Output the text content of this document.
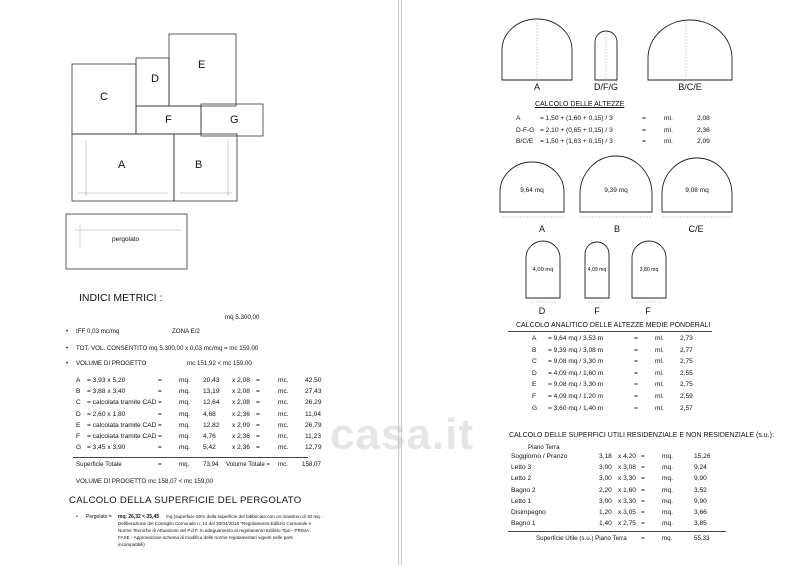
C
D
E
F	G
A	B
pergolato
INDICI METRICI :
mq 5.300,00
• IFF 0,03 mc/mq	ZONA E/2
• TOT. VOL. CONSENTITO mq 5.300,00 x 0,03 mc/mq = mc 159,00
• VOLUME DI PROGETTO	mc 151,92 < mc 159,00
A = 3,93 x 5,20	=	mq. 20,43 x 2,08 =	mc. 42,50
B = 3,88 x 3,40	=	mq. 13,19 x 2,08 =	mc. 27,43
C = calcolata tramite CAD =	mq. 12,64 x 2,08 =	mc. 26,29
D = 2,60 x 1,80	=	mq. 4,68 x 2,36 =	mc. 11,04
E = calcolata tramite CAD =	mq. 12,82 x 2,09 =	mc. 26,79
F = calcolata tramite CAD =	mq. 4,76 x 2,36 =	mc. 11,23
G = 3,45 x 3,90	=	mq. 5,42 x 2,36 =	mc. 12,79
Superficie Totale	=	mq. 73,94 Volume Totale = mc. 158,07
VOLUME DI PROGETTO mc 158,07 < mc 159,00
CALCOLO DELLA SUPERFICIE DEL PERGOLATO
• Pergolato = mq. 26,32 < 35,45 mq (superficie 50% della superficie del fabbricato con un massimo di 30 mq -
Deliberazione del Consiglio Comunale n. 14 del 30/04/2018 "Regolamento Edilizio Comunale e
Norme Tecniche di Attuazione del P.d.F. In adeguamento al regolamento Edilizio Tipo - PRIMA
FASE - Approvazione schema di modifica delle norme regolamentari vigenti nelle parti
incompatibili)
A	D/F/G	B/C/E
CALCOLO DELLE ALTEZZE
A	= 1,50 + (1,60 + 0,15) / 3	=	ml.	2,08
D-F-G = 2,10 + (0,65 + 0,15) / 3	=	ml.	2,36
B/C/E = 1,50 + (1,63 + 0,15) / 3	=	ml.	2,09
9,64 mq	9,39 mq	9,08 mq
A	B	C/E
4,09 mq	4,09 mq	3,80 mq
D	F	F
CALCOLO ANALITICO DELLE ALTEZZE MEDIE PONDERALI
A = 9,64 mq / 3,53 m	=	ml. 2,73
B = 9,39 mq / 3,08 m	=	ml. 2,77
C = 9,08 mq / 3,30 m	=	ml. 2,75
D = 4,09 mq / 1,60 m	=	ml. 2,55
E = 9,08 mq / 3,30 m	=	ml. 2,75
F = 4,09 mq / 1,20 m	=	ml. 2,59
G = 3,60 mq / 1,40 m	=	ml. 2,57
CALCOLO DELLE SUPERFICI UTILI RESIDENZIALE E NON RESIDENZIALE (s.u.):
Piano Terra
Soggiorno / Pranzo	3,18 x 4,20 =	mq.	15,26
Letto 3	3,00 x 3,08 =	mq.	9,24
Letto 2	3,00 x 3,30 =	mq.	9,90
Bagno 2	2,20 x 1,60 =	mq.	3,52
Letto 1	3,00 x 3,30 =	mq.	9,90
Disimpegno	1,20 x 3,05 =	mq.	3,66
Bagno 1	1,40 x 2,75 =	mq.	3,85
Superficie Utile (s.u.) Piano Terra =	mq.	55,33
casa.it
